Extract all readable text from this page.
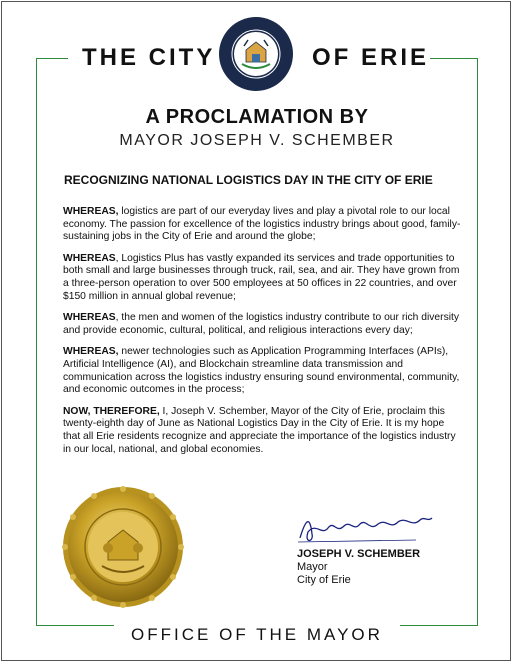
THE CITY	OF ERIE
A PROCLAMATION BY
MAYOR JOSEPH V. SCHEMBER
RECOGNIZING NATIONAL LOGISTICS DAY IN THE CITY OF ERIE

WHEREAS, logistics are part of our everyday lives and play a pivotal role to our local economy. The passion for excellence of the logistics industry brings about good, family-sustaining jobs in the City of Erie and around the globe;

WHEREAS, Logistics Plus has vastly expanded its services and trade opportunities to both small and large businesses through truck, rail, sea, and air. They have grown from a three-person operation to over 500 employees at 50 offices in 22 countries, and over $150 million in annual global revenue;

WHEREAS, the men and women of the logistics industry contribute to our rich diversity and provide economic, cultural, political, and religious interactions every day;

WHEREAS, newer technologies such as Application Programming Interfaces (APIs), Artificial Intelligence (AI), and Blockchain streamline data transmission and communication across the logistics industry ensuring sound environmental, community, and economic outcomes in the process;

NOW, THEREFORE, I, Joseph V. Schember, Mayor of the City of Erie, proclaim this twenty-eighth day of June as National Logistics Day in the City of Erie. It is my hope that all Erie residents recognize and appreciate the importance of the logistics industry in our local, national, and global economies.

JOSEPH V. SCHEMBER
Mayor
City of Erie
OFFICE OF THE MAYOR
